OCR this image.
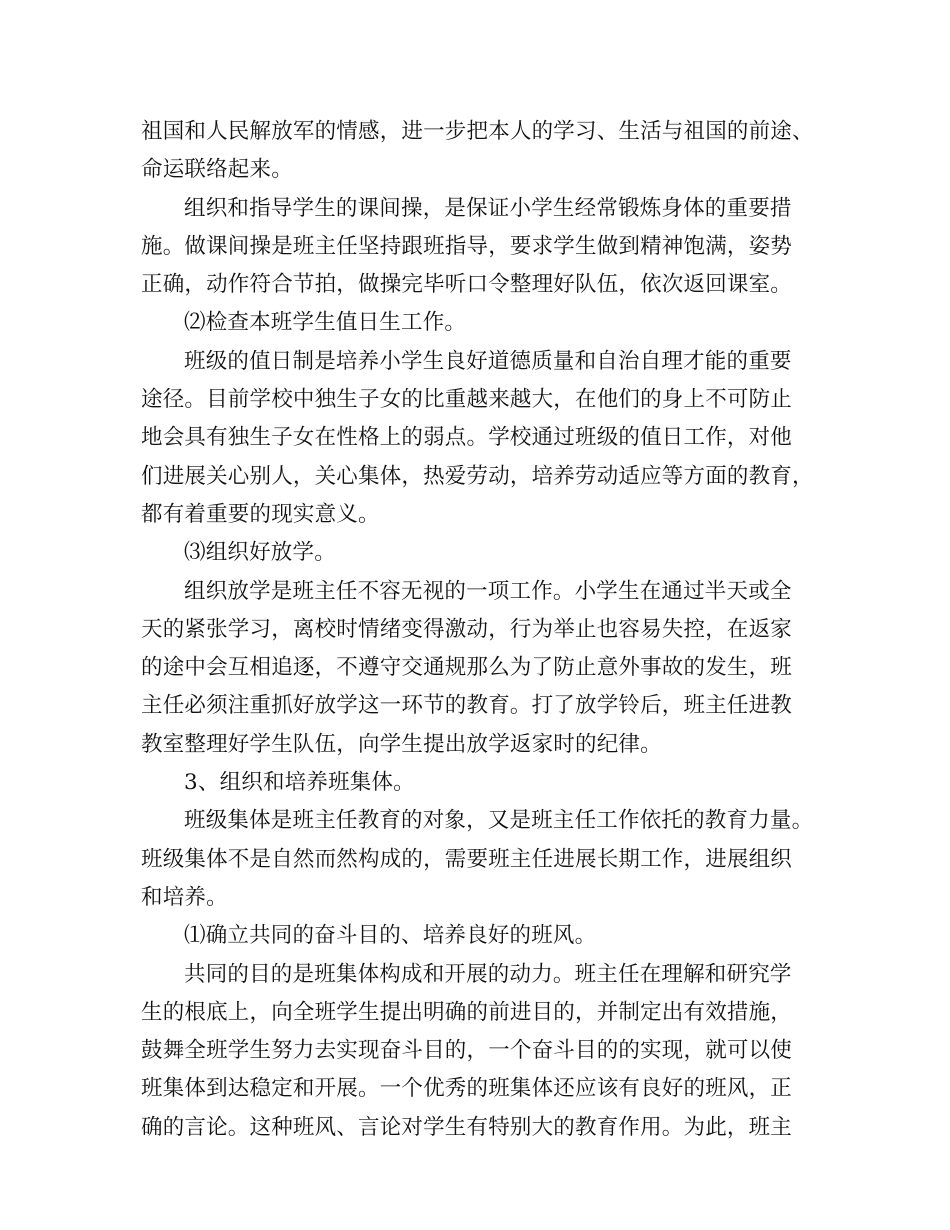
祖国和人民解放军的情感，进一步把本人的学习、生活与祖国的前途、
命运联络起来。
组织和指导学生的课间操，是保证小学生经常锻炼身体的重要措
施。做课间操是班主任坚持跟班指导，要求学生做到精神饱满，姿势
正确，动作符合节拍，做操完毕听口令整理好队伍，依次返回课室。
⑵检查本班学生值日生工作。
班级的值日制是培养小学生良好道德质量和自治自理才能的重要
途径。目前学校中独生子女的比重越来越大，在他们的身上不可防止
地会具有独生子女在性格上的弱点。学校通过班级的值日工作，对他
们进展关心别人，关心集体，热爱劳动，培养劳动适应等方面的教育，
都有着重要的现实意义。
⑶组织好放学。
组织放学是班主任不容无视的一项工作。小学生在通过半天或全
天的紧张学习，离校时情绪变得激动，行为举止也容易失控，在返家
的途中会互相追逐，不遵守交通规那么为了防止意外事故的发生，班
主任必须注重抓好放学这一环节的教育。打了放学铃后，班主任进教
教室整理好学生队伍，向学生提出放学返家时的纪律。
3、组织和培养班集体。
班级集体是班主任教育的对象，又是班主任工作依托的教育力量。
班级集体不是自然而然构成的，需要班主任进展长期工作，进展组织
和培养。
⑴确立共同的奋斗目的、培养良好的班风。
共同的目的是班集体构成和开展的动力。班主任在理解和研究学
生的根底上，向全班学生提出明确的前进目的，并制定出有效措施，
鼓舞全班学生努力去实现奋斗目的，一个奋斗目的的实现，就可以使
班集体到达稳定和开展。一个优秀的班集体还应该有良好的班风，正
确的言论。这种班风、言论对学生有特别大的教育作用。为此，班主
